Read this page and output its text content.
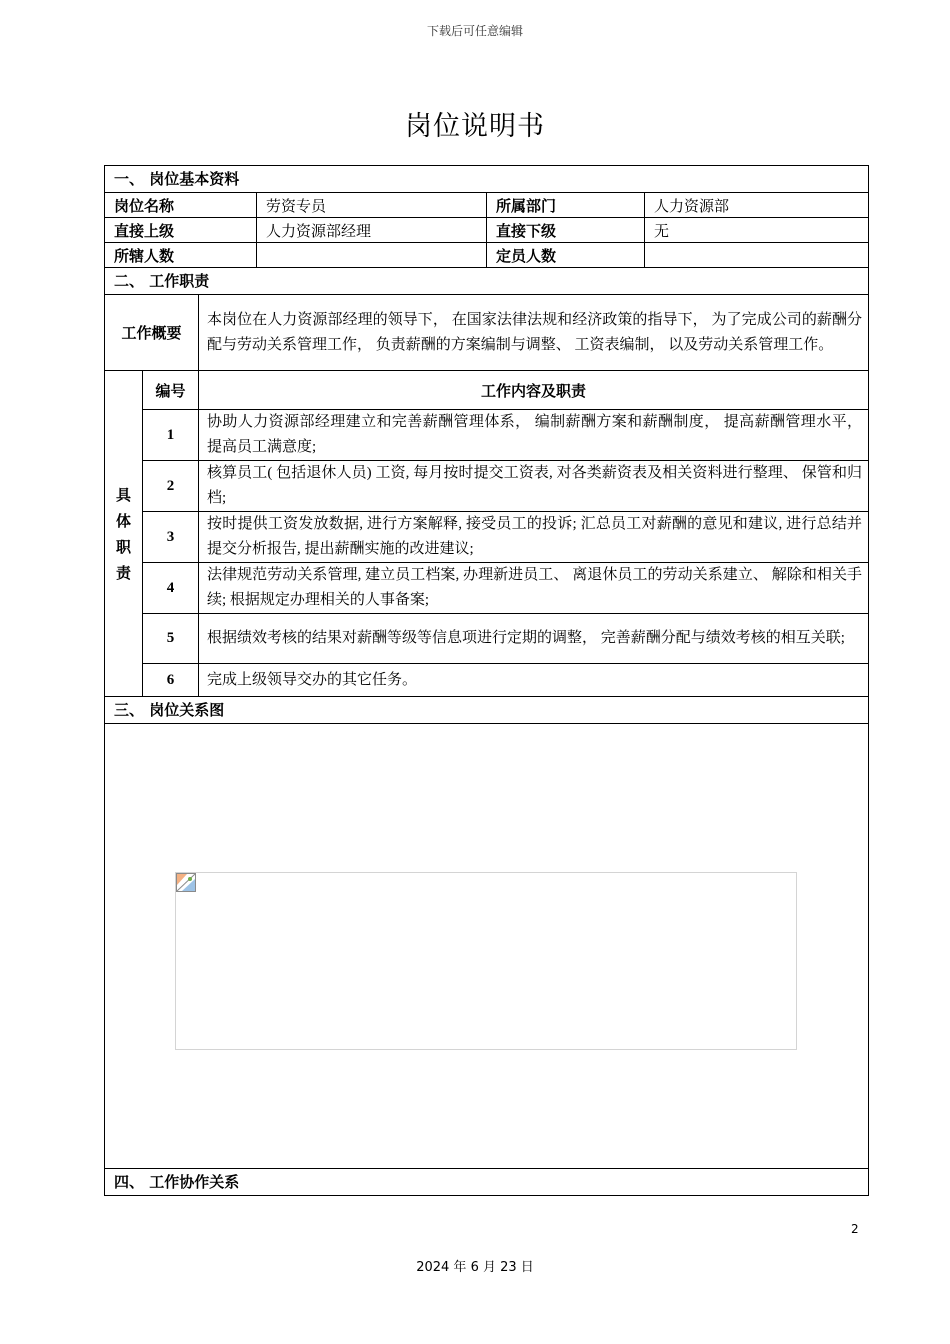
下载后可任意编辑
岗位说明书
一、 岗位基本资料					
岗位名称			劳资专员	所属部门	人力资源部
直接上级			人力资源部经理	直接下级	无
所辖人数				定员人数	
二、 工作职责					
工作概要		本岗位在人力资源部经理的领导下， 在国家法律法规和经济政策的指导下， 为了完成公司的薪酬分配与劳动关系管理工作， 负责薪酬的方案编制与调整、 工资表编制， 以及劳动关系管理工作。			

具
体
职
责	编号	工作内容及职责			
	1	协助人力资源部经理建立和完善薪酬管理体系， 编制薪酬方案和薪酬制度， 提高薪酬管理水平， 提高员工满意度;			
	2	核算员工( 包括退休人员) 工资, 每月按时提交工资表, 对各类薪资表及相关资料进行整理、 保管和归档;			
	3	按时提供工资发放数据, 进行方案解释, 接受员工的投诉; 汇总员工对薪酬的意见和建议, 进行总结并提交分析报告, 提出薪酬实施的改进建议;			
	4	法律规范劳动关系管理, 建立员工档案, 办理新进员工、 离退休员工的劳动关系建立、 解除和相关手续; 根据规定办理相关的人事备案;			
	5	根据绩效考核的结果对薪酬等级等信息项进行定期的调整， 完善薪酬分配与绩效考核的相互关联;			
	6	完成上级领导交办的其它任务。			
三、 岗位关系图					

四、 工作协作关系					
2
2024 年 6 月 23 日
